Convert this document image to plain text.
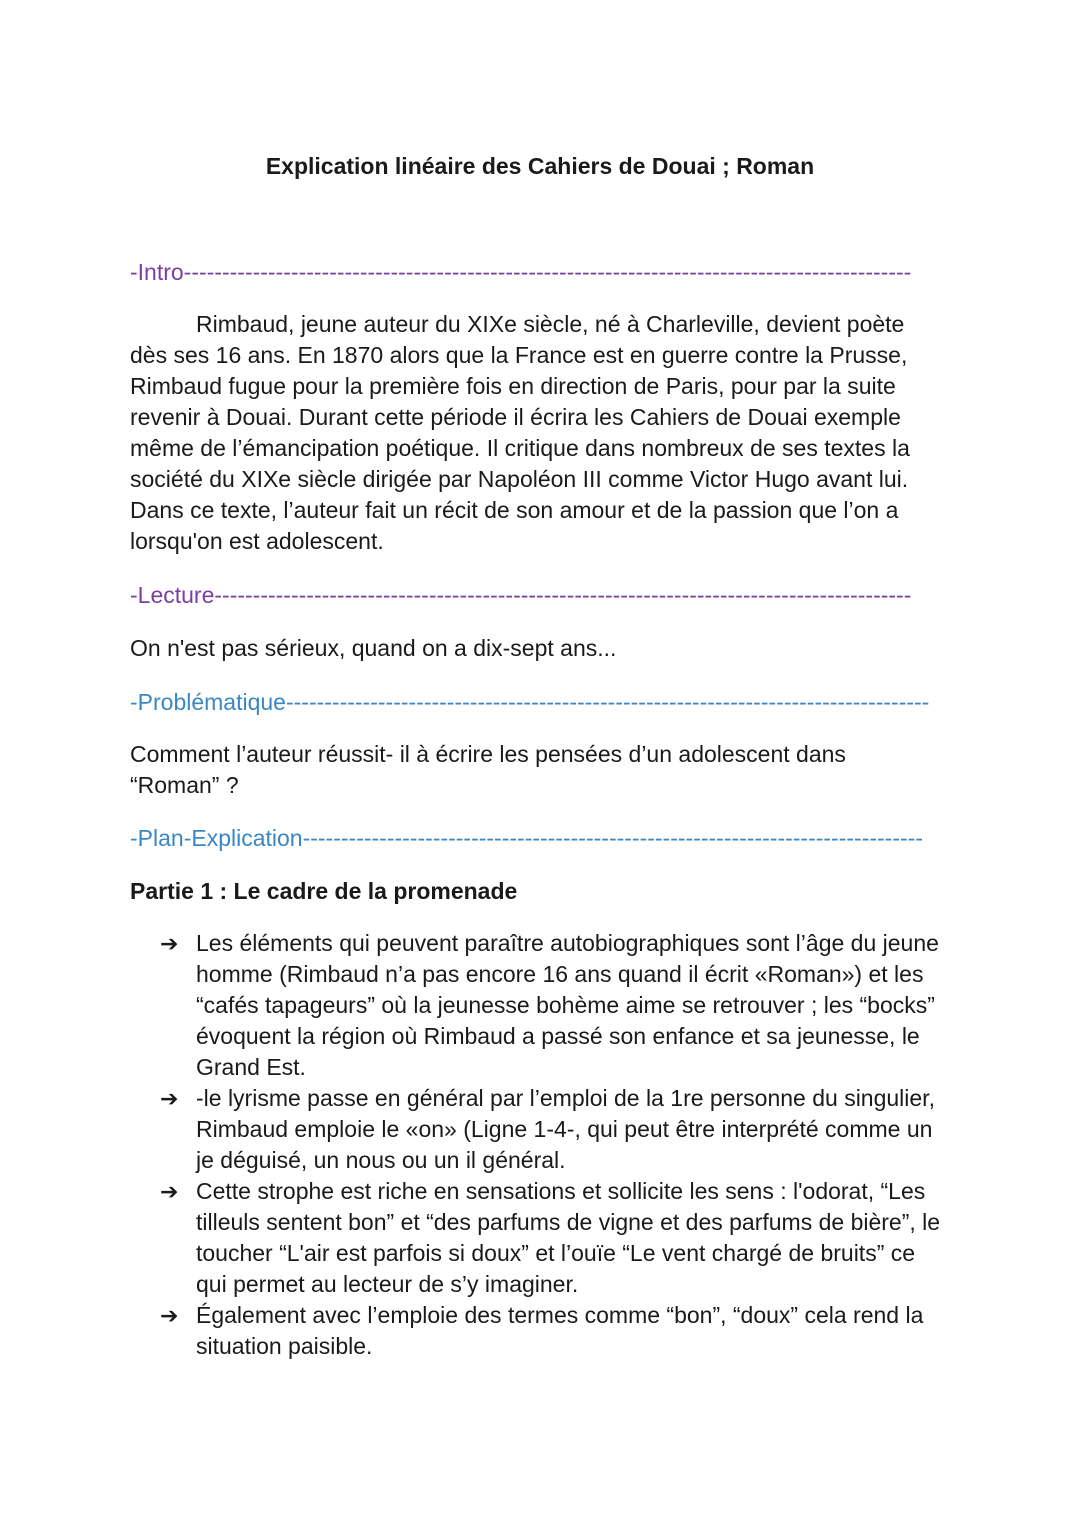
Explication linéaire des Cahiers de Douai ; Roman
-Intro-----------------------------------------------------------------------------------------------
Rimbaud, jeune auteur du XIXe siècle, né à Charleville, devient poète dès ses 16 ans. En 1870 alors que la France est en guerre contre la Prusse, Rimbaud fugue pour la première fois en direction de Paris, pour par la suite revenir à Douai. Durant cette période il écrira les Cahiers de Douai exemple même de l’émancipation poétique. Il critique dans nombreux de ses textes la société du XIXe siècle dirigée par Napoléon III comme Victor Hugo avant lui. Dans ce texte, l’auteur fait un récit de son amour et de la passion que l’on a lorsqu'on est adolescent.
-Lecture-------------------------------------------------------------------------------------------
On n'est pas sérieux, quand on a dix-sept ans...
-Problématique------------------------------------------------------------------------------------
Comment l’auteur réussit- il à écrire les pensées d’un adolescent dans “Roman” ?
-Plan-Explication---------------------------------------------------------------------------------
Partie 1 : Le cadre de la promenade
➔ Les éléments qui peuvent paraître autobiographiques sont l’âge du jeune homme (Rimbaud n’a pas encore 16 ans quand il écrit «Roman») et les “cafés tapageurs” où la jeunesse bohème aime se retrouver ; les “bocks” évoquent la région où Rimbaud a passé son enfance et sa jeunesse, le Grand Est.
➔ -le lyrisme passe en général par l’emploi de la 1re personne du singulier, Rimbaud emploie le «on» (Ligne 1-4-, qui peut être interprété comme un je déguisé, un nous ou un il général.
➔ Cette strophe est riche en sensations et sollicite les sens : l'odorat, “Les tilleuls sentent bon” et “des parfums de vigne et des parfums de bière”, le toucher “L'air est parfois si doux” et l’ouïe “Le vent chargé de bruits” ce qui permet au lecteur de s’y imaginer.
➔ Également avec l’emploie des termes comme “bon”, “doux” cela rend la situation paisible.
